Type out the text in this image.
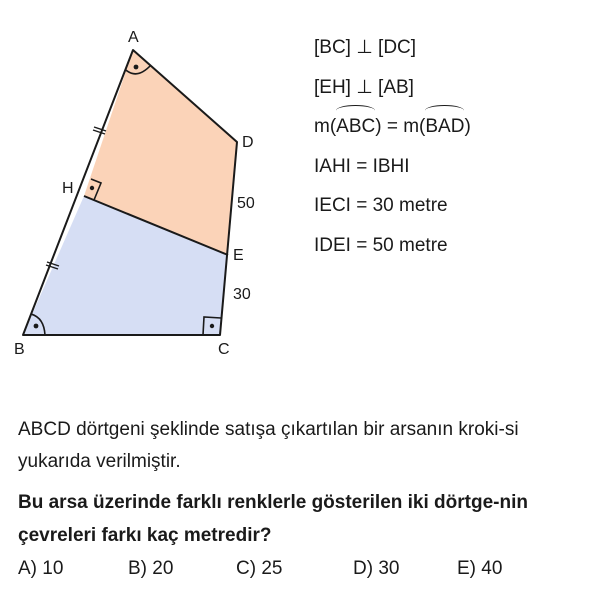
A
B	C
D
E
H
50
30
[BC] ⊥ [DC]
[EH] ⊥ [AB]
m(ABC) = m(BAD)
IAHI = IBHI
IECI = 30 metre
IDEI = 50 metre
ABCD dörtgeni şeklinde satışa çıkartılan bir arsanın kroki-si yukarıda verilmiştir.
Bu arsa üzerinde farklı renklerle gösterilen iki dörtge-nin çevreleri farkı kaç metredir?
A) 10	B) 20	C) 25	D) 30	E) 40
